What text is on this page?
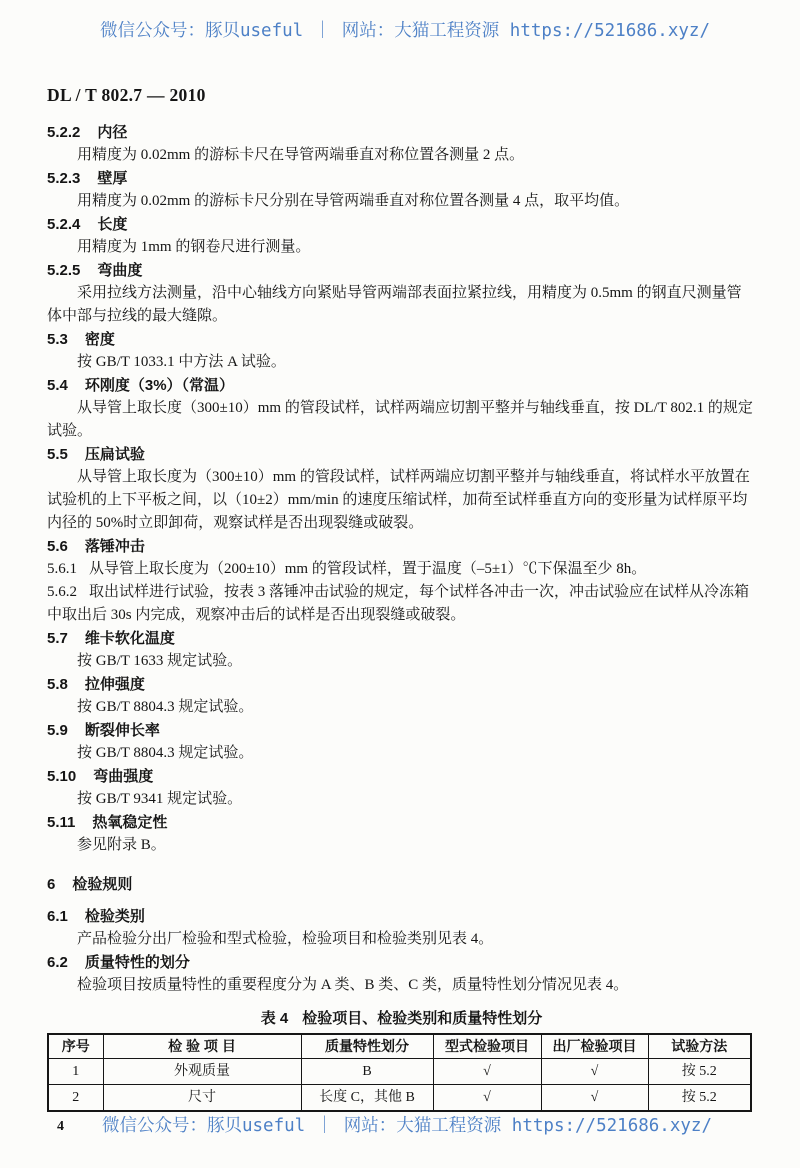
微信公众号：豚贝useful ｜ 网站：大猫工程资源 https://521686.xyz/
DL / T 802.7 — 2010
5.2.2 内径

用精度为 0.02mm 的游标卡尺在导管两端垂直对称位置各测量 2 点。

5.2.3 壁厚

用精度为 0.02mm 的游标卡尺分别在导管两端垂直对称位置各测量 4 点，取平均值。

5.2.4 长度

用精度为 1mm 的钢卷尺进行测量。

5.2.5 弯曲度

采用拉线方法测量，沿中心轴线方向紧贴导管两端部表面拉紧拉线，用精度为 0.5mm 的钢直尺测量管体中部与拉线的最大缝隙。

5.3 密度

按 GB/T 1033.1 中方法 A 试验。

5.4 环刚度（3%）（常温）

从导管上取长度（300±10）mm 的管段试样，试样两端应切割平整并与轴线垂直，按 DL/T 802.1 的规定试验。

5.5 压扁试验

从导管上取长度为（300±10）mm 的管段试样，试样两端应切割平整并与轴线垂直，将试样水平放置在试验机的上下平板之间，以（10±2）mm/min 的速度压缩试样，加荷至试样垂直方向的变形量为试样原平均内径的 50%时立即卸荷，观察试样是否出现裂缝或破裂。

5.6 落锤冲击

5.6.1 从导管上取长度为（200±10）mm 的管段试样，置于温度（–5±1）℃下保温至少 8h。

5.6.2 取出试样进行试验，按表 3 落锤冲击试验的规定，每个试样各冲击一次，冲击试验应在试样从冷冻箱中取出后 30s 内完成，观察冲击后的试样是否出现裂缝或破裂。

5.7 维卡软化温度

按 GB/T 1633 规定试验。

5.8 拉伸强度

按 GB/T 8804.3 规定试验。

5.9 断裂伸长率

按 GB/T 8804.3 规定试验。

5.10 弯曲强度

按 GB/T 9341 规定试验。

5.11 热氧稳定性

参见附录 B。

6 检验规则
6.1 检验类别

产品检验分出厂检验和型式检验，检验项目和检验类别见表 4。

6.2 质量特性的划分

检验项目按质量特性的重要程度分为 A 类、B 类、C 类，质量特性划分情况见表 4。

表 4 检验项目、检验类别和质量特性划分
序号	检 验 项 目	质量特性划分	型式检验项目	出厂检验项目	试验方法
1	外观质量	B	√	√	按 5.2
2	尺寸	长度 C，其他 B	√	√	按 5.2
4	微信公众号：豚贝useful ｜ 网站：大猫工程资源 https://521686.xyz/
